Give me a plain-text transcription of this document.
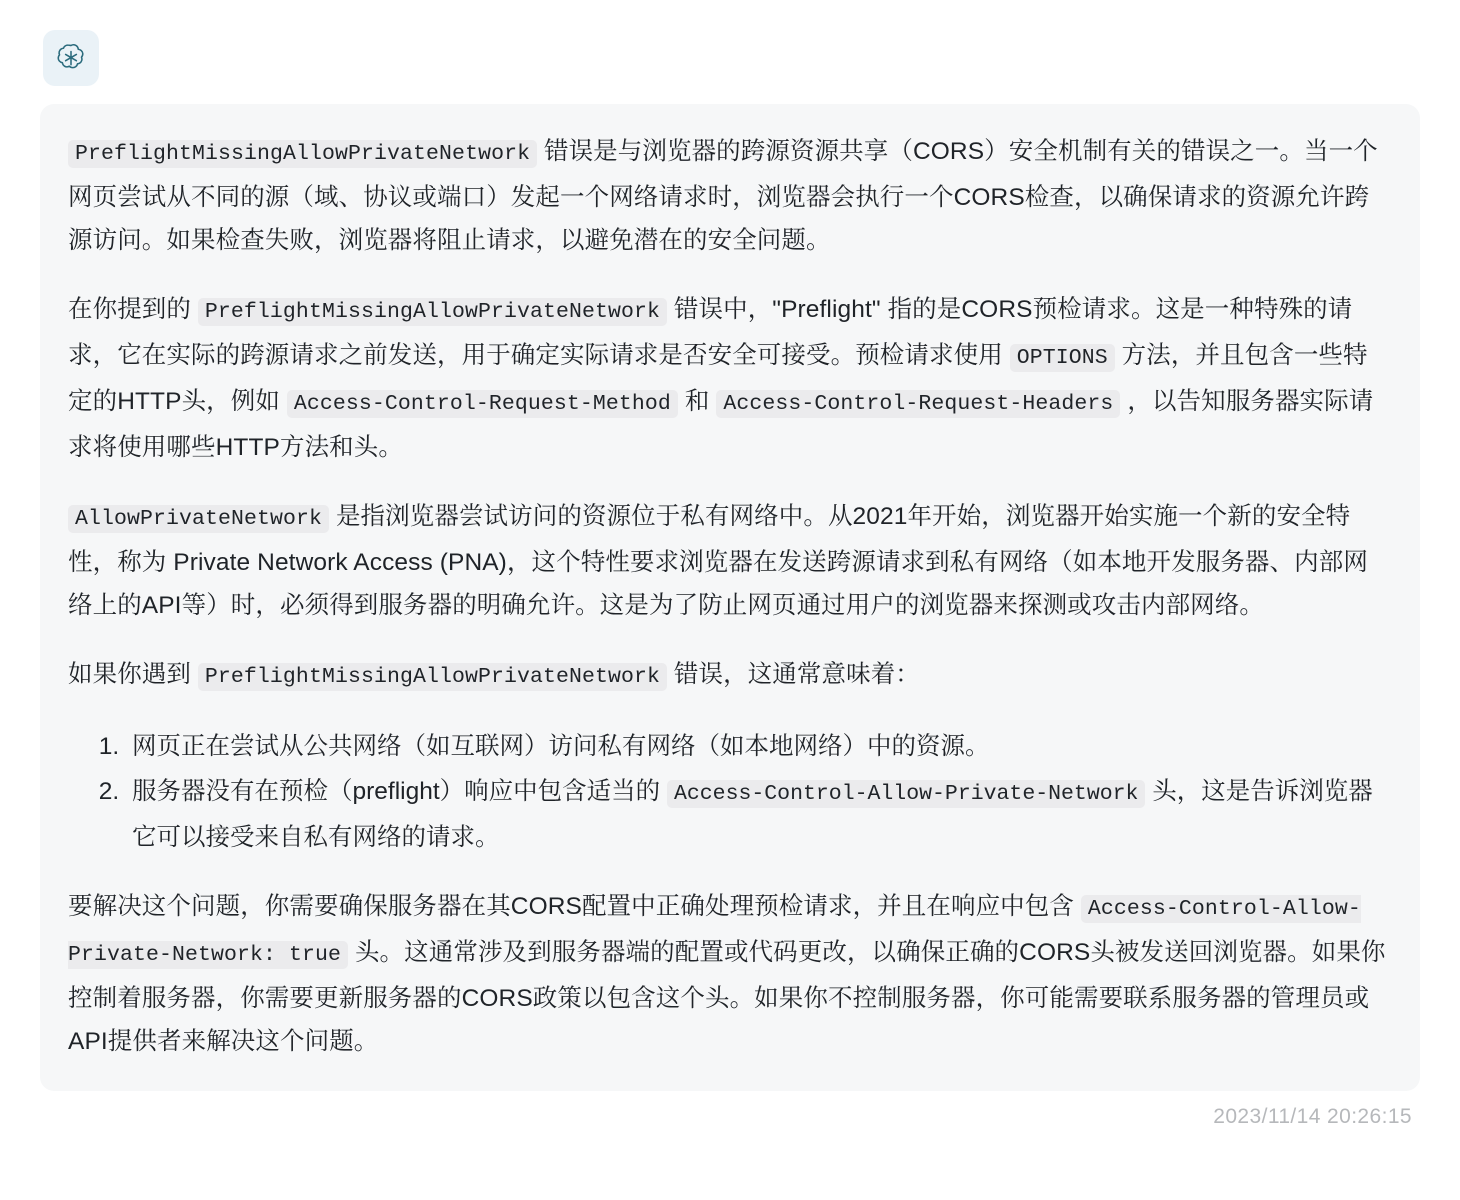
PreflightMissingAllowPrivateNetwork 错误是与浏览器的跨源资源共享（CORS）安全机制有关的错误之一。当一个网页尝试从不同的源（域、协议或端口）发起一个网络请求时，浏览器会执行一个CORS检查，以确保请求的资源允许跨源访问。如果检查失败，浏览器将阻止请求，以避免潜在的安全问题。

在你提到的 PreflightMissingAllowPrivateNetwork 错误中，"Preflight" 指的是CORS预检请求。这是一种特殊的请求，它在实际的跨源请求之前发送，用于确定实际请求是否安全可接受。预检请求使用 OPTIONS 方法，并且包含一些特定的HTTP头，例如 Access-Control-Request-Method 和 Access-Control-Request-Headers ，以告知服务器实际请求将使用哪些HTTP方法和头。

AllowPrivateNetwork 是指浏览器尝试访问的资源位于私有网络中。从2021年开始，浏览器开始实施一个新的安全特性，称为 Private Network Access (PNA)，这个特性要求浏览器在发送跨源请求到私有网络（如本地开发服务器、内部网络上的API等）时，必须得到服务器的明确允许。这是为了防止网页通过用户的浏览器来探测或攻击内部网络。

如果你遇到 PreflightMissingAllowPrivateNetwork 错误，这通常意味着：

1. 网页正在尝试从公共网络（如互联网）访问私有网络（如本地网络）中的资源。
2. 服务器没有在预检（preflight）响应中包含适当的 Access-Control-Allow-Private-Network 头，这是告诉浏览器它可以接受来自私有网络的请求。

要解决这个问题，你需要确保服务器在其CORS配置中正确处理预检请求，并且在响应中包含 Access-Control-Allow-Private-Network: true 头。这通常涉及到服务器端的配置或代码更改，以确保正确的CORS头被发送回浏览器。如果你控制着服务器，你需要更新服务器的CORS政策以包含这个头。如果你不控制服务器，你可能需要联系服务器的管理员或API提供者来解决这个问题。

2023/11/14 20:26:15
